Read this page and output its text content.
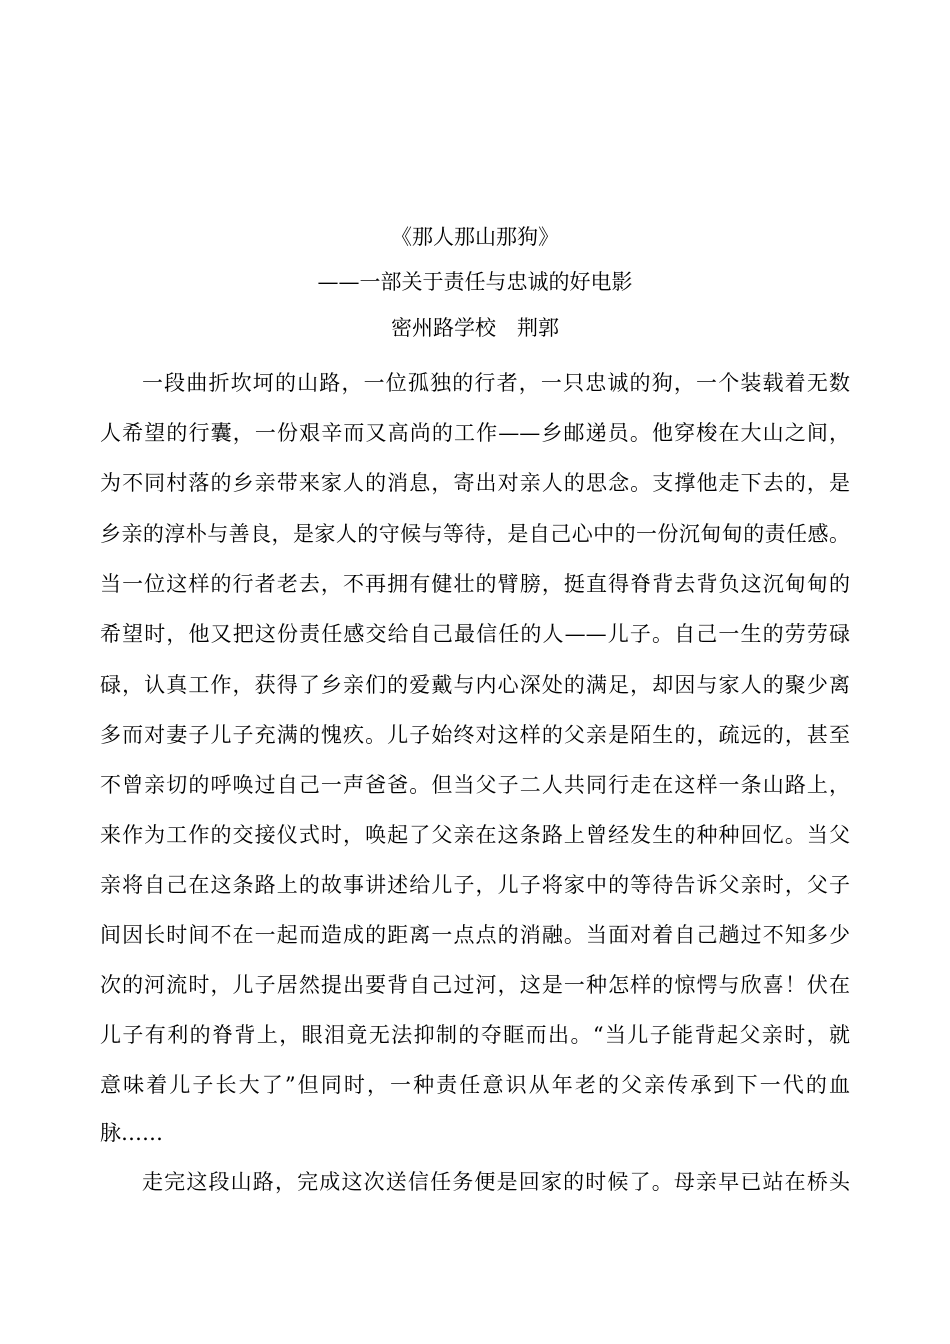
《那人那山那狗》
——一部关于责任与忠诚的好电影
密州路学校　荆郭
一段曲折坎坷的山路，一位孤独的行者，一只忠诚的狗，一个装载着无数
人希望的行囊，一份艰辛而又高尚的工作——乡邮递员。他穿梭在大山之间，
为不同村落的乡亲带来家人的消息，寄出对亲人的思念。支撑他走下去的，是
乡亲的淳朴与善良，是家人的守候与等待，是自己心中的一份沉甸甸的责任感。
当一位这样的行者老去，不再拥有健壮的臂膀，挺直得脊背去背负这沉甸甸的
希望时，他又把这份责任感交给自己最信任的人——儿子。自己一生的劳劳碌
碌，认真工作，获得了乡亲们的爱戴与内心深处的满足，却因与家人的聚少离
多而对妻子儿子充满的愧疚。儿子始终对这样的父亲是陌生的，疏远的，甚至
不曾亲切的呼唤过自己一声爸爸。但当父子二人共同行走在这样一条山路上，
来作为工作的交接仪式时，唤起了父亲在这条路上曾经发生的种种回忆。当父
亲将自己在这条路上的故事讲述给儿子，儿子将家中的等待告诉父亲时，父子
间因长时间不在一起而造成的距离一点点的消融。当面对着自己趟过不知多少
次的河流时，儿子居然提出要背自己过河，这是一种怎样的惊愕与欣喜！伏在
儿子有利的脊背上，眼泪竟无法抑制的夺眶而出。“当儿子能背起父亲时，就
意味着儿子长大了”但同时，一种责任意识从年老的父亲传承到下一代的血
脉……
走完这段山路，完成这次送信任务便是回家的时候了。母亲早已站在桥头
